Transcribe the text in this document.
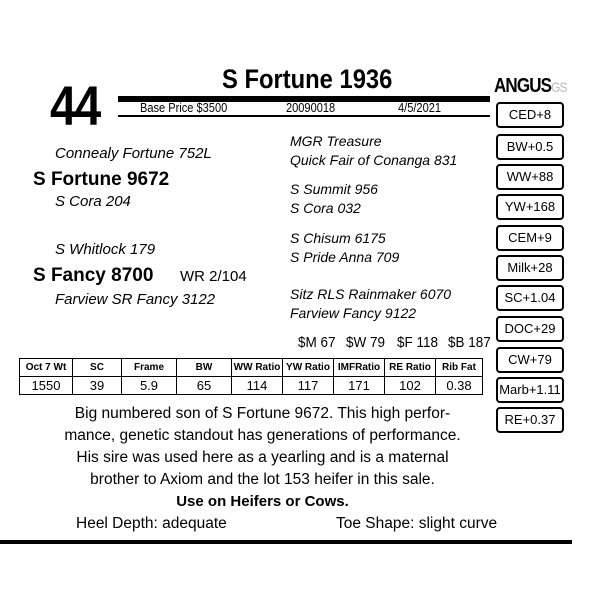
44	S Fortune 1936
Base Price $3500	20090018	4/5/2021
Connealy Fortune 752L
S Fortune 9672
S Cora 204
S Whitlock 179
S Fancy 8700 WR 2/104
Farview SR Fancy 3122
MGR Treasure
Quick Fair of Conanga 831
S Summit 956
S Cora 032
S Chisum 6175
S Pride Anna 709
Sitz RLS Rainmaker 6070
Farview Fancy 9122
$M 67 $W 79 $F 118 $B 187
Oct 7 Wt	SC	Frame	BW	WW Ratio	YW Ratio	IMFRatio	RE Ratio	Rib Fat
1550	39	5.9	65	114	117	171	102	0.38
ANGUSGS
CED+8
BW+0.5
WW+88
YW+168
CEM+9
Milk+28
SC+1.04
DOC+29
CW+79
Marb+1.11
RE+0.37
Big numbered son of S Fortune 9672. This high perfor-
mance, genetic standout has generations of performance.
His sire was used here as a yearling and is a maternal
brother to Axiom and the lot 153 heifer in this sale.
Use on Heifers or Cows.
Heel Depth: adequate	Toe Shape: slight curve
